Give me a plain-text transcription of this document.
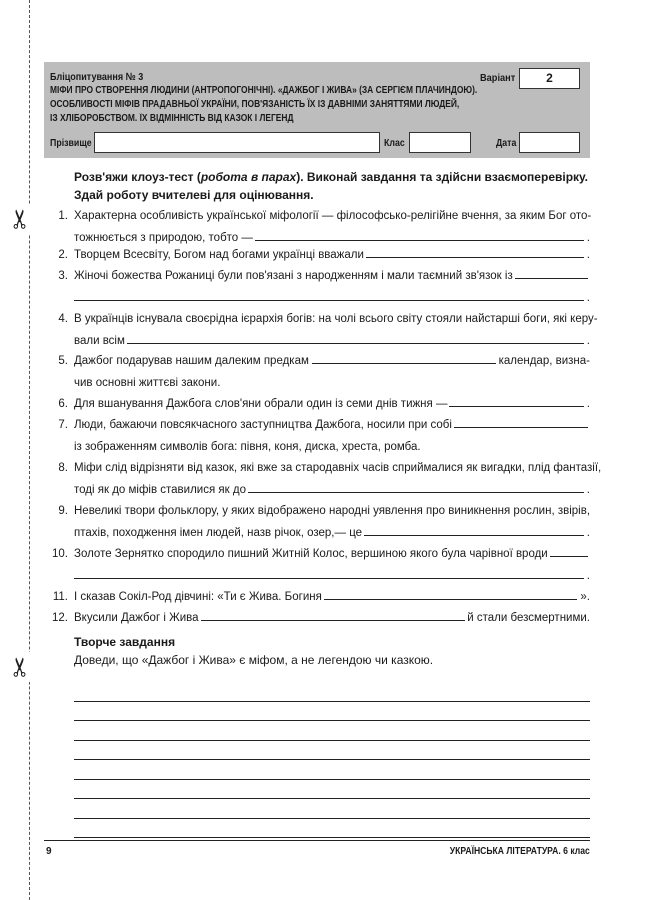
✂
✂
Бліцопитування № 3
МІФИ ПРО СТВОРЕННЯ ЛЮДИНИ (АНТРОПОГОНІЧНІ). «ДАЖБОГ І ЖИВА» (ЗА СЕРГІЄМ ПЛАЧИНДОЮ).
ОСОБЛИВОСТІ МІФІВ ПРАДАВНЬОЇ УКРАЇНИ, ПОВ'ЯЗАНІСТЬ ЇХ ІЗ ДАВНІМИ ЗАНЯТТЯМИ ЛЮДЕЙ,
ІЗ ХЛІБОРОБСТВОМ. ЇХ ВІДМІННІСТЬ ВІД КАЗОК І ЛЕГЕНД
Варіант	2
Прізвище	Клас	Дата
Розв'яжи клоуз-тест (робота в парах). Виконай завдання та здійсни взаємоперевірку. Здай роботу вчителеві для оцінювання.
1. Характерна особливість української міфології — філософсько-релігійне вчення, за яким Бог ото-
тожнюється з природою, тобто —	.
2. Творцем Всесвіту, Богом над богами українці вважали	.
3. Жіночі божества Рожаниці були пов'язані з народженням і мали таємний зв'язок із
.
4. В українців існувала своєрідна ієрархія богів: на чолі всього світу стояли найстарші боги, які керу-
вали всім	.
5. Дажбог подарував нашим далеким предкам	календар, визна-
чив основні життєві закони.
6. Для вшанування Дажбога слов'яни обрали один із семи днів тижня —	.
7. Люди, бажаючи повсякчасного заступництва Дажбога, носили при собі
із зображенням символів бога: півня, коня, диска, хреста, ромба.
8. Міфи слід відрізняти від казок, які вже за стародавніх часів сприймалися як вигадки, плід фантазії,
тоді як до міфів ставилися як до	.
9. Невеликі твори фольклору, у яких відображено народні уявлення про виникнення рослин, звірів,
птахів, походження імен людей, назв річок, озер,— це	.
10. Золоте Зернятко спородило пишний Житній Колос, вершиною якого була чарівної вроди
.
11. І сказав Сокіл-Род дівчині: «Ти є Жива. Богиня	».
12. Вкусили Дажбог і Жива	й стали безсмертними.
Творче завдання
Доведи, що «Дажбог і Жива» є міфом, а не легендою чи казкою.
9	УКРАЇНСЬКА ЛІТЕРАТУРА. 6 клас
